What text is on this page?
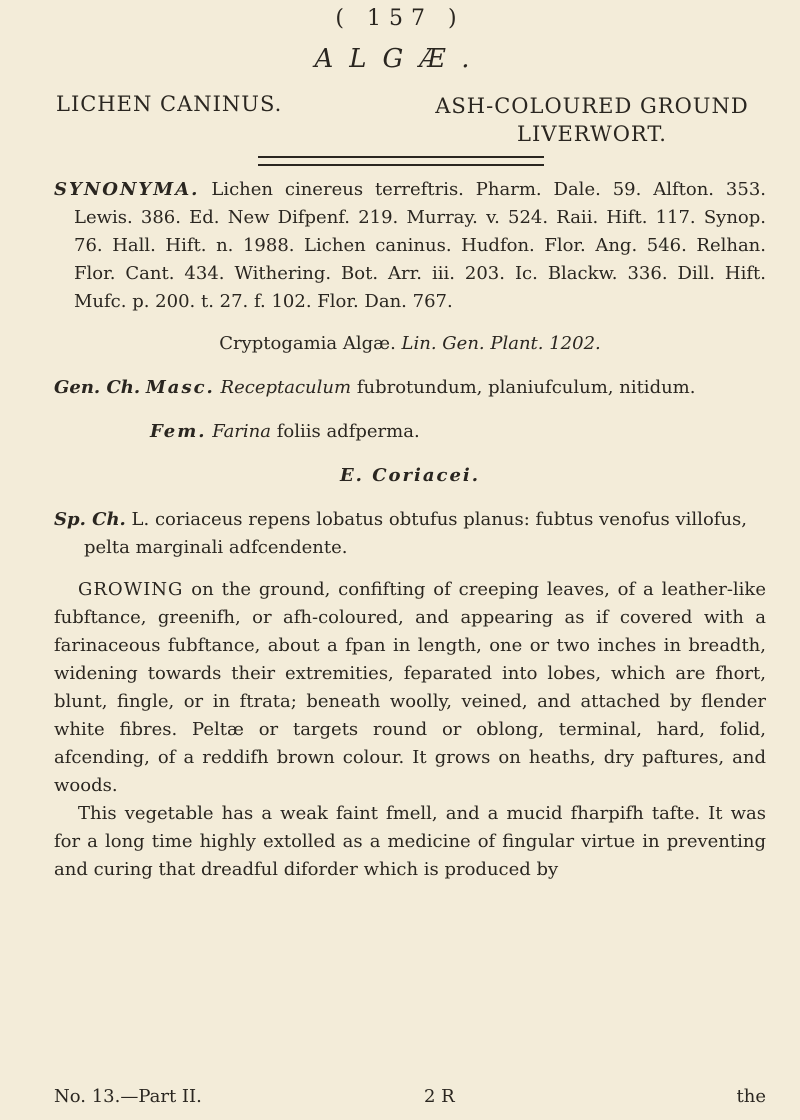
( 157 )
ALGÆ.
LICHEN CANINUS.	ASH-COLOURED GROUND LIVERWORT.

SYNONYMA. Lichen cinereus terreftris. Pharm. Dale. 59. Alfton. 353. Lewis. 386. Ed. New Difpenf. 219. Murray. v. 524. Raii. Hift. 117. Synop. 76. Hall. Hift. n. 1988. Lichen caninus. Hudfon. Flor. Ang. 546. Relhan. Flor. Cant. 434. Withering. Bot. Arr. iii. 203. Ic. Blackw. 336. Dill. Hift. Mufc. p. 200. t. 27. f. 102. Flor. Dan. 767.

Cryptogamia Algæ. Lin. Gen. Plant. 1202.

Gen. Ch. Masc. Receptaculum fubrotundum, planiufculum, nitidum.

Fem. Farina foliis adfperma.

E. Coriacei.

Sp. Ch. L. coriaceus repens lobatus obtufus planus: fubtus venofus villofus, pelta marginali adfcendente.

GROWING on the ground, confifting of creeping leaves, of a leather-like fubftance, greenifh, or afh-coloured, and appearing as if covered with a farinaceous fubftance, about a fpan in length, one or two inches in breadth, widening towards their extremities, feparated into lobes, which are fhort, blunt, fingle, or in ftrata; beneath woolly, veined, and attached by flender white fibres. Peltæ or targets round or oblong, terminal, hard, folid, afcending, of a reddifh brown colour. It grows on heaths, dry paftures, and woods.

This vegetable has a weak faint fmell, and a mucid fharpifh tafte. It was for a long time highly extolled as a medicine of fingular virtue in preventing and curing that dreadful diforder which is produced by

No. 13.—Part II.	2 R	the
